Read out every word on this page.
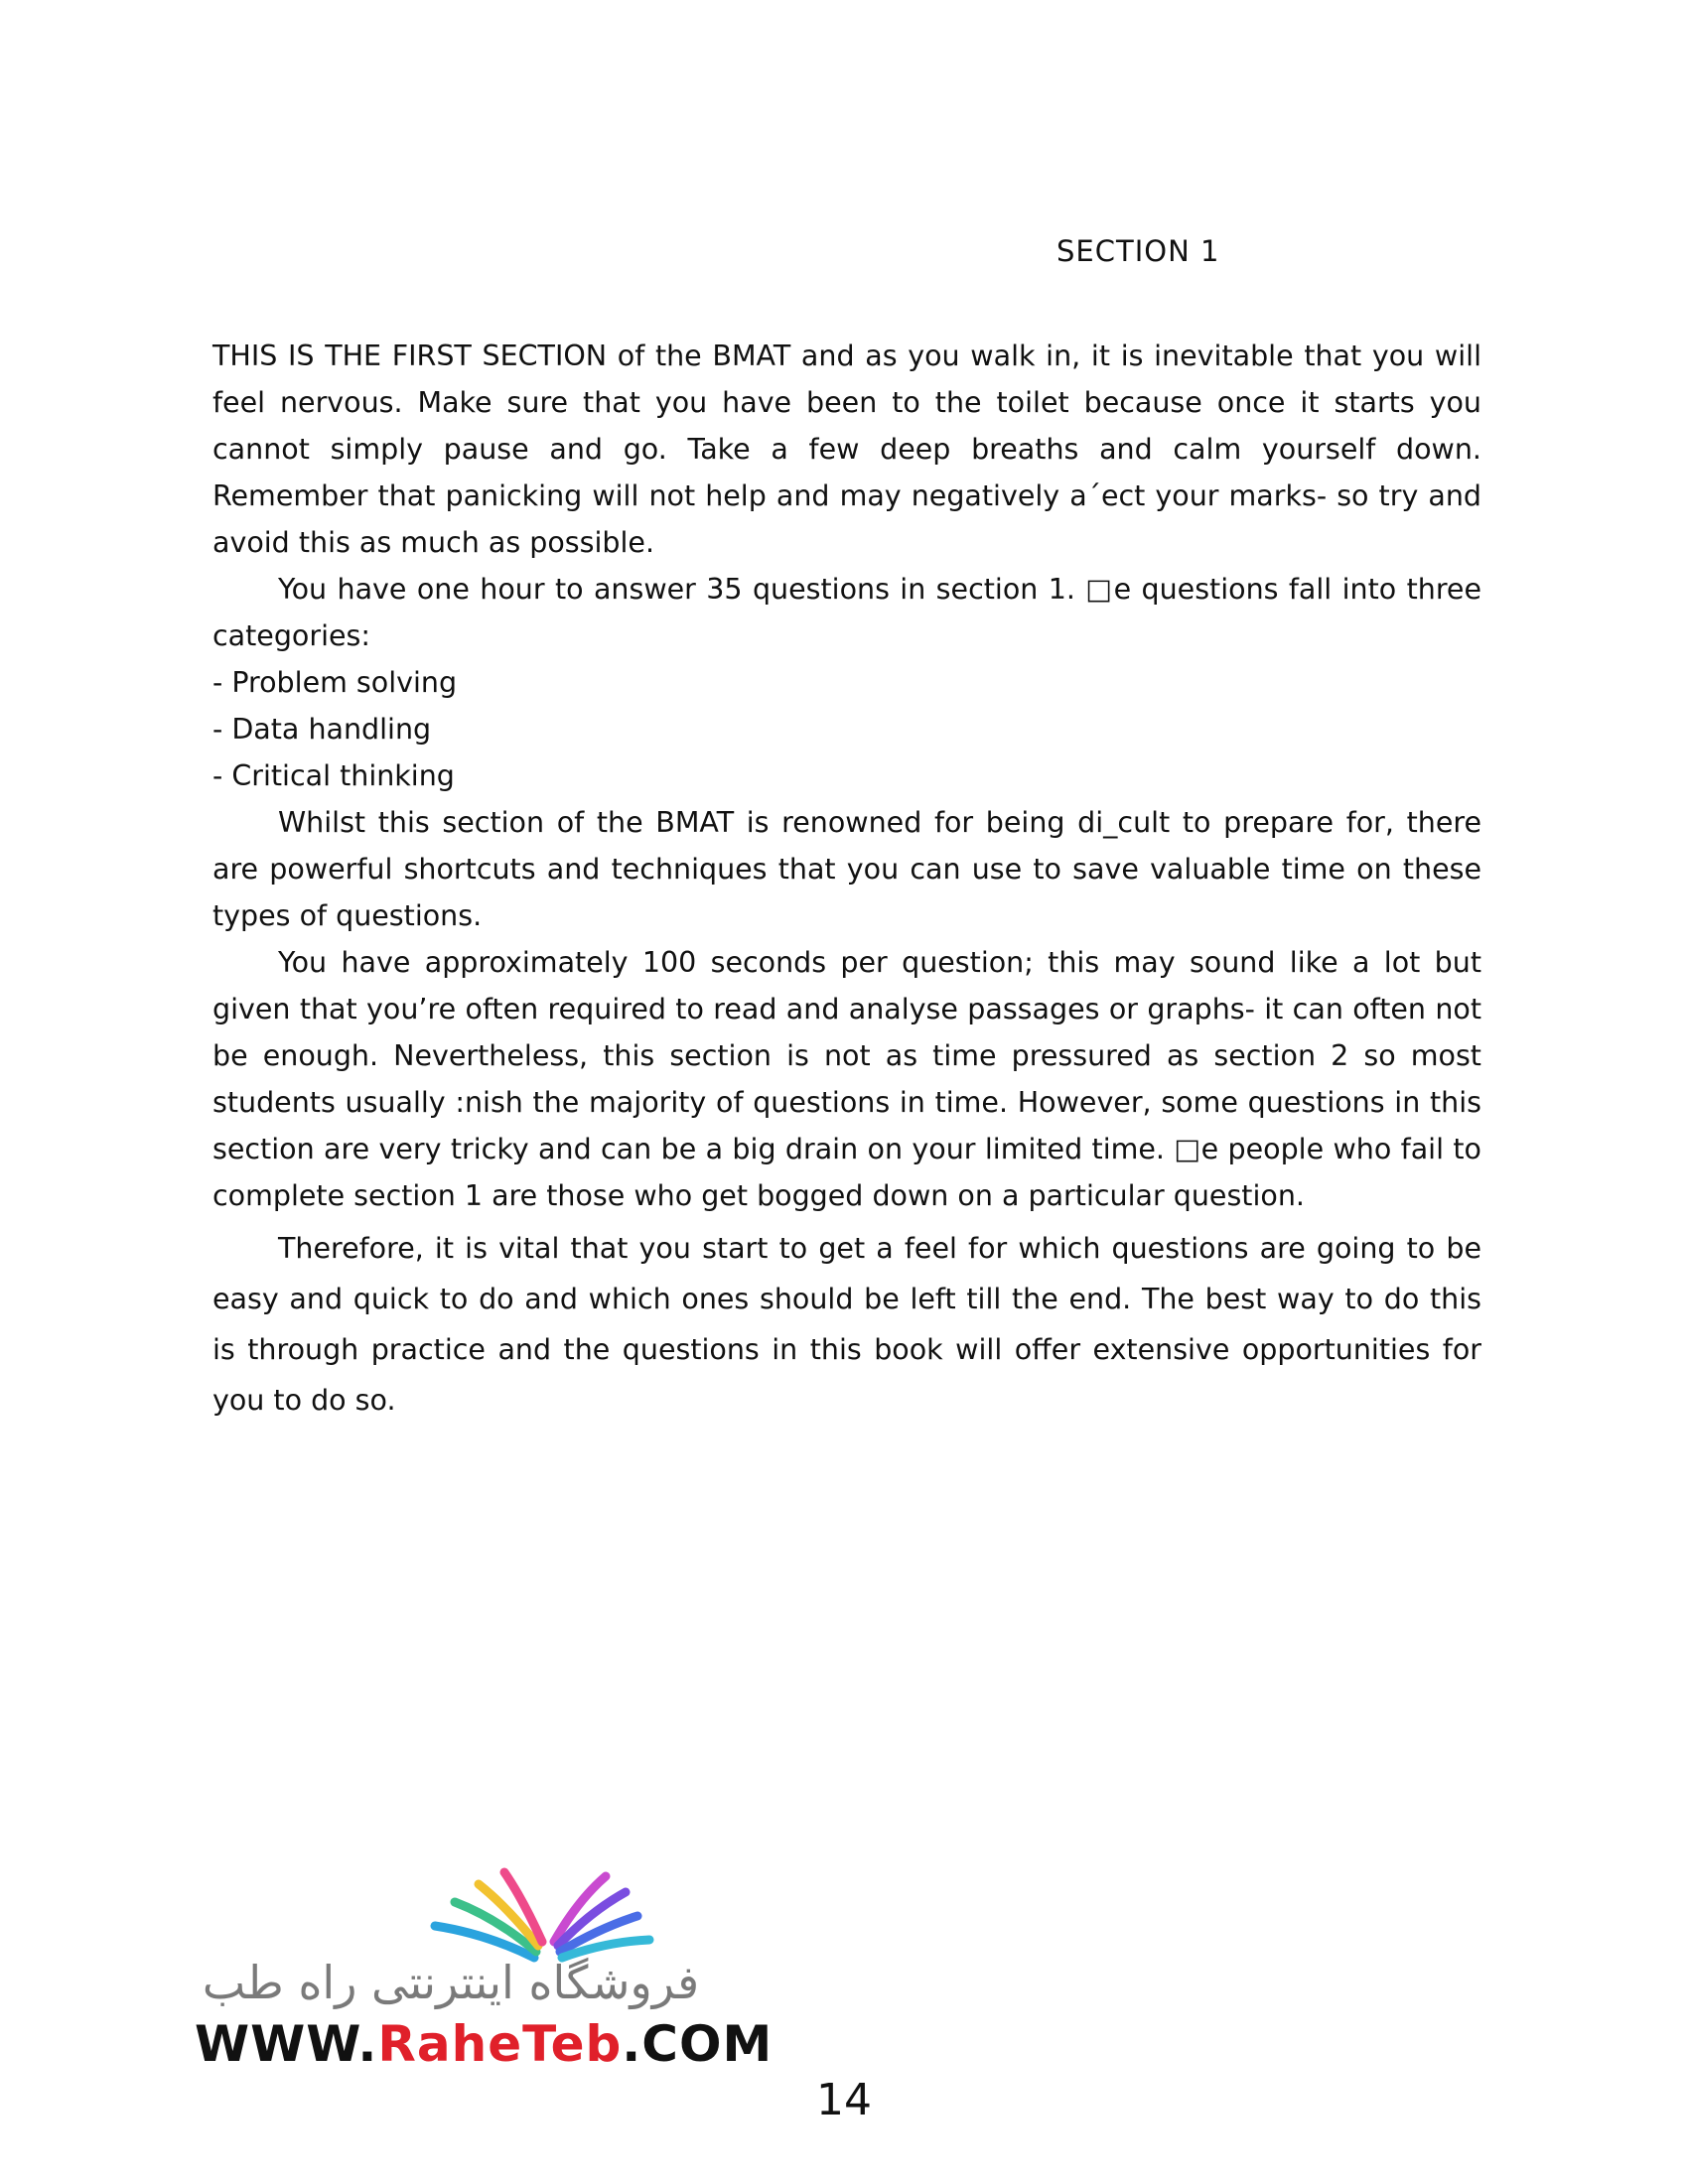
SECTION 1

THIS IS THE FIRST SECTION of the BMAT and as you walk in, it is inevitable that you will feel nervous. Make sure that you have been to the toilet because once it starts you cannot simply pause and go. Take a few deep breaths and calm yourself down. Remember that panicking will not help and may negatively a´ect your marks- so try and avoid this as much as possible.

You have one hour to answer 35 questions in section 1. □e questions fall into three categories:

- Problem solving
- Data handling
- Critical thinking

Whilst this section of the BMAT is renowned for being di_cult to prepare for, there are powerful shortcuts and techniques that you can use to save valuable time on these types of questions.

You have approximately 100 seconds per question; this may sound like a lot but given that you’re often required to read and analyse passages or graphs- it can often not be enough. Nevertheless, this section is not as time pressured as section 2 so most students usually :nish the majority of questions in time. However, some questions in this section are very tricky and can be a big drain on your limited time. □e people who fail to complete section 1 are those who get bogged down on a particular question.

Therefore, it is vital that you start to get a feel for which questions are going to be easy and quick to do and which ones should be left till the end. The best way to do this is through practice and the questions in this book will offer extensive opportunities for you to do so.

فروشگاه اینترنتی راه طب
WWW.RaheTeb.COM
14
